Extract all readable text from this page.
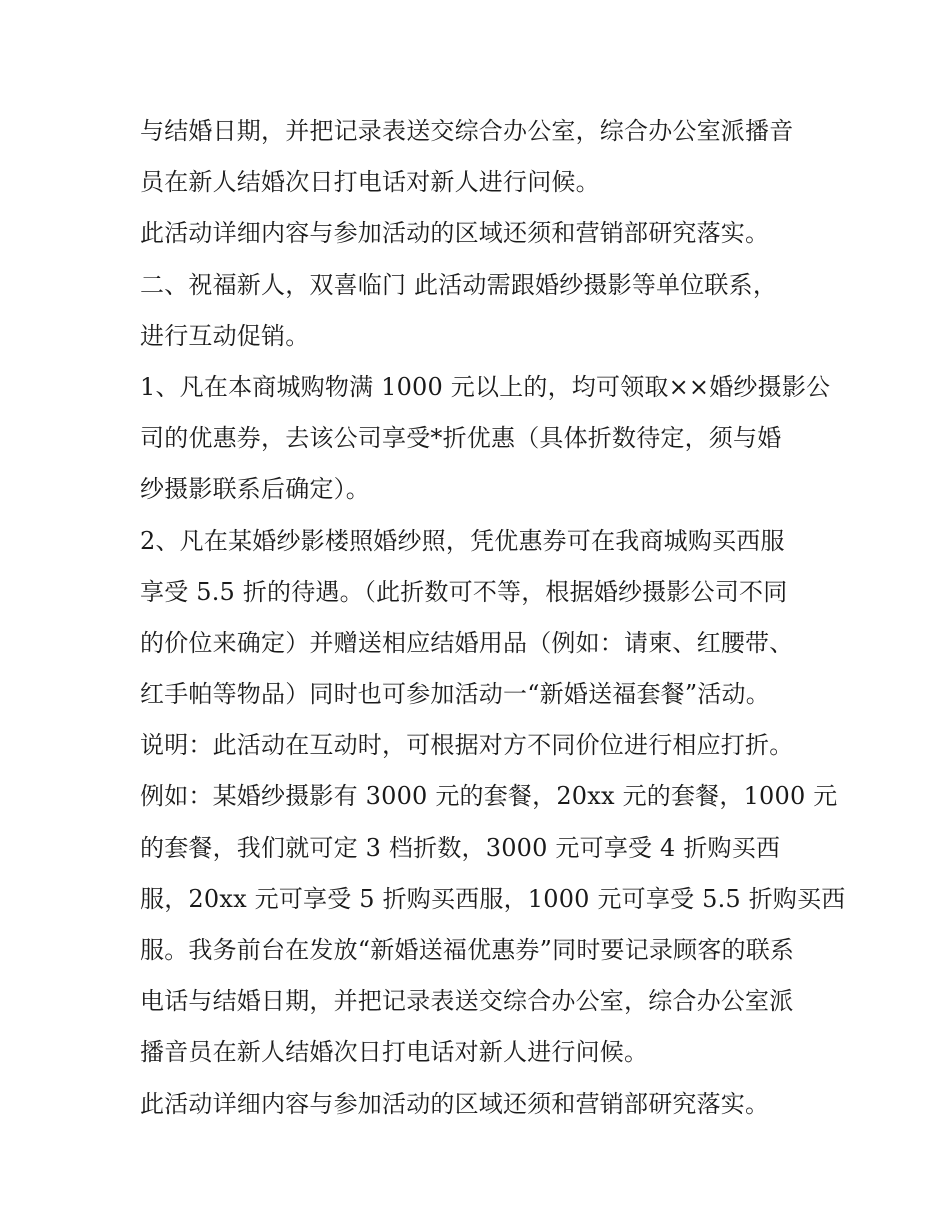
与结婚日期，并把记录表送交综合办公室，综合办公室派播音
员在新人结婚次日打电话对新人进行问候。
此活动详细内容与参加活动的区域还须和营销部研究落实。
二、祝福新人，双喜临门 此活动需跟婚纱摄影等单位联系，
进行互动促销。
1、凡在本商城购物满 1000 元以上的，均可领取××婚纱摄影公
司的优惠券，去该公司享受*折优惠（具体折数待定，须与婚
纱摄影联系后确定）。
2、凡在某婚纱影楼照婚纱照，凭优惠券可在我商城购买西服
享受 5.5 折的待遇。（此折数可不等，根据婚纱摄影公司不同
的价位来确定）并赠送相应结婚用品（例如：请柬、红腰带、
红手帕等物品）同时也可参加活动一“新婚送福套餐”活动。
说明：此活动在互动时，可根据对方不同价位进行相应打折。
例如：某婚纱摄影有 3000 元的套餐，20xx 元的套餐，1000 元
的套餐，我们就可定 3 档折数，3000 元可享受 4 折购买西
服，20xx 元可享受 5 折购买西服，1000 元可享受 5.5 折购买西
服。我务前台在发放“新婚送福优惠券”同时要记录顾客的联系
电话与结婚日期，并把记录表送交综合办公室，综合办公室派
播音员在新人结婚次日打电话对新人进行问候。
此活动详细内容与参加活动的区域还须和营销部研究落实。
